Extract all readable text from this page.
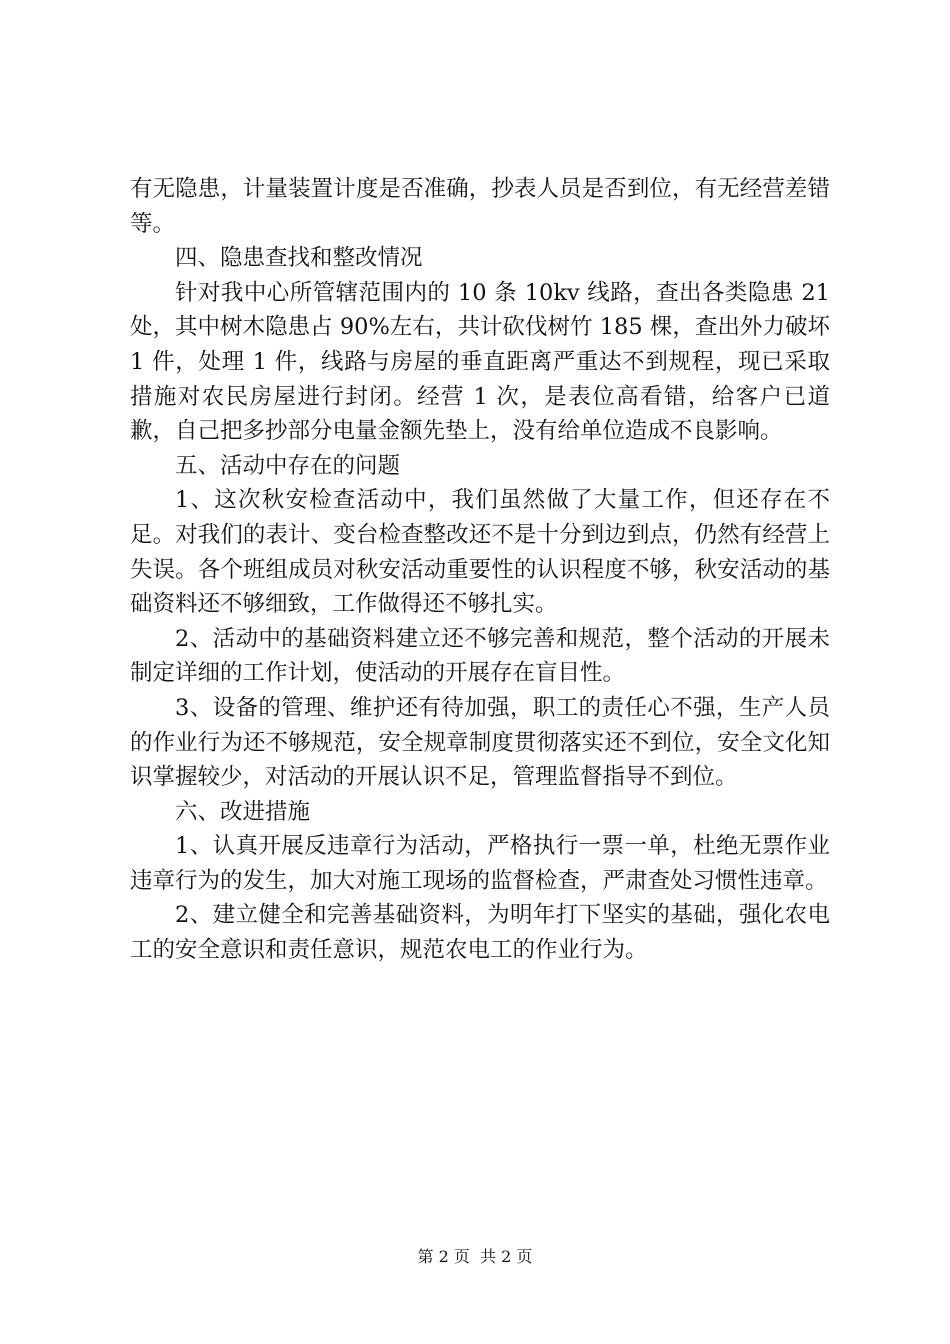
有无隐患，计量装置计度是否准确，抄表人员是否到位，有无经营差错等。

四、隐患查找和整改情况

针对我中心所管辖范围内的 10 条 10kv 线路，查出各类隐患 21 处，其中树木隐患占 90%左右，共计砍伐树竹 185 棵，查出外力破坏 1 件，处理 1 件，线路与房屋的垂直距离严重达不到规程，现已采取措施对农民房屋进行封闭。经营 1 次，是表位高看错，给客户已道歉，自己把多抄部分电量金额先垫上，没有给单位造成不良影响。

五、活动中存在的问题

1、这次秋安检查活动中，我们虽然做了大量工作，但还存在不足。对我们的表计、变台检查整改还不是十分到边到点，仍然有经营上失误。各个班组成员对秋安活动重要性的认识程度不够，秋安活动的基础资料还不够细致，工作做得还不够扎实。

2、活动中的基础资料建立还不够完善和规范，整个活动的开展未制定详细的工作计划，使活动的开展存在盲目性。

3、设备的管理、维护还有待加强，职工的责任心不强，生产人员的作业行为还不够规范，安全规章制度贯彻落实还不到位，安全文化知识掌握较少，对活动的开展认识不足，管理监督指导不到位。

六、改进措施

1、认真开展反违章行为活动，严格执行一票一单，杜绝无票作业违章行为的发生，加大对施工现场的监督检查，严肃查处习惯性违章。

2、建立健全和完善基础资料，为明年打下坚实的基础，强化农电工的安全意识和责任意识，规范农电工的作业行为。

第 2 页 共 2 页
